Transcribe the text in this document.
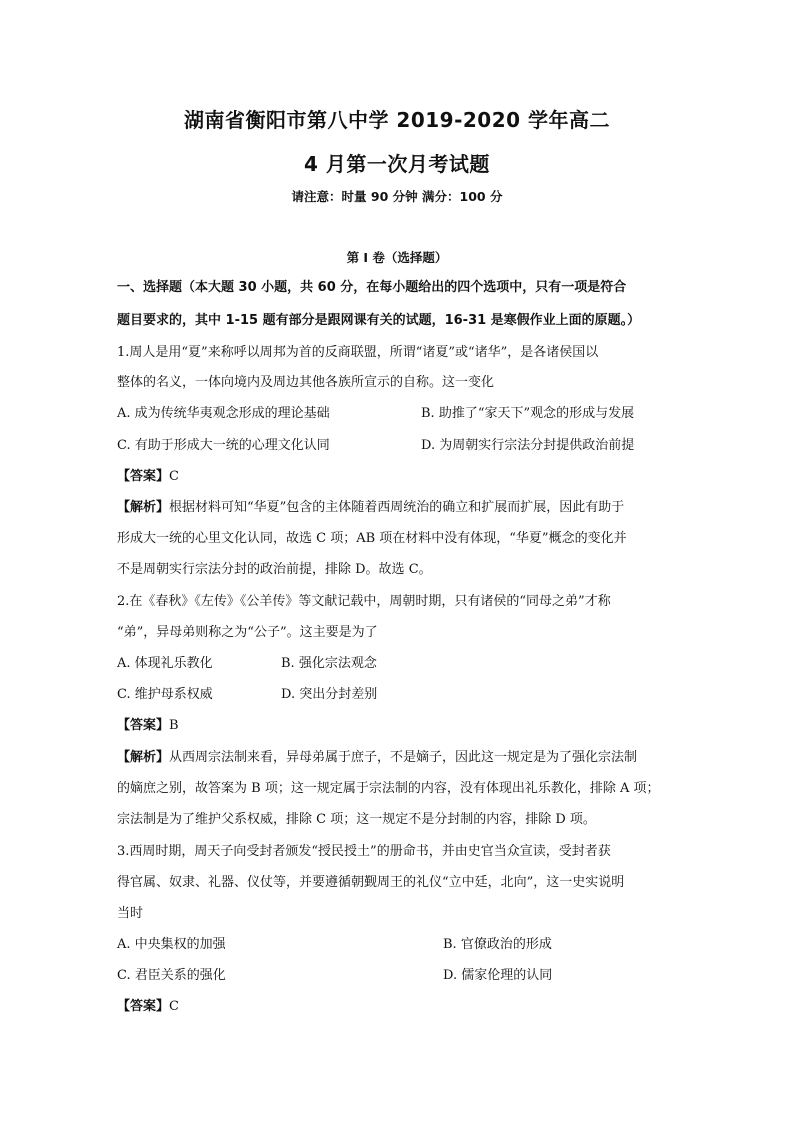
湖南省衡阳市第八中学 2019-2020 学年高二
4 月第一次月考试题
请注意：时量 90 分钟 满分：100 分
第 I 卷（选择题）
一、选择题（本大题 30 小题，共 60 分，在每小题给出的四个选项中，只有一项是符合
题目要求的，其中 1-15 题有部分是跟网课有关的试题，16-31 是寒假作业上面的原题。）
1.周人是用“夏”来称呼以周邦为首的反商联盟，所谓“诸夏”或“诸华”，是各诸侯国以
整体的名义，一体向境内及周边其他各族所宣示的自称。这一变化
A. 成为传统华夷观念形成的理论基础	B. 助推了“家天下”观念的形成与发展
C. 有助于形成大一统的心理文化认同	D. 为周朝实行宗法分封提供政治前提
【答案】C
【解析】根据材料可知“华夏”包含的主体随着西周统治的确立和扩展而扩展，因此有助于
形成大一统的心里文化认同，故选 C 项；AB 项在材料中没有体现，“华夏”概念的变化并
不是周朝实行宗法分封的政治前提，排除 D。故选 C。
2.在《春秋》《左传》《公羊传》等文献记载中，周朝时期，只有诸侯的“同母之弟”才称
“弟”，异母弟则称之为“公子”。这主要是为了
A. 体现礼乐教化	B. 强化宗法观念
C. 维护母系权威	D. 突出分封差别
【答案】B
【解析】从西周宗法制来看，异母弟属于庶子，不是嫡子，因此这一规定是为了强化宗法制
的嫡庶之别，故答案为 B 项；这一规定属于宗法制的内容，没有体现出礼乐教化，排除 A 项；
宗法制是为了维护父系权威，排除 C 项；这一规定不是分封制的内容，排除 D 项。
3.西周时期，周天子向受封者颁发“授民授土”的册命书，并由史官当众宣读，受封者获
得官属、奴隶、礼器、仪仗等，并要遵循朝觐周王的礼仪“立中廷，北向”，这一史实说明
当时
A. 中央集权的加强	B. 官僚政治的形成
C. 君臣关系的强化	D. 儒家伦理的认同
【答案】C
